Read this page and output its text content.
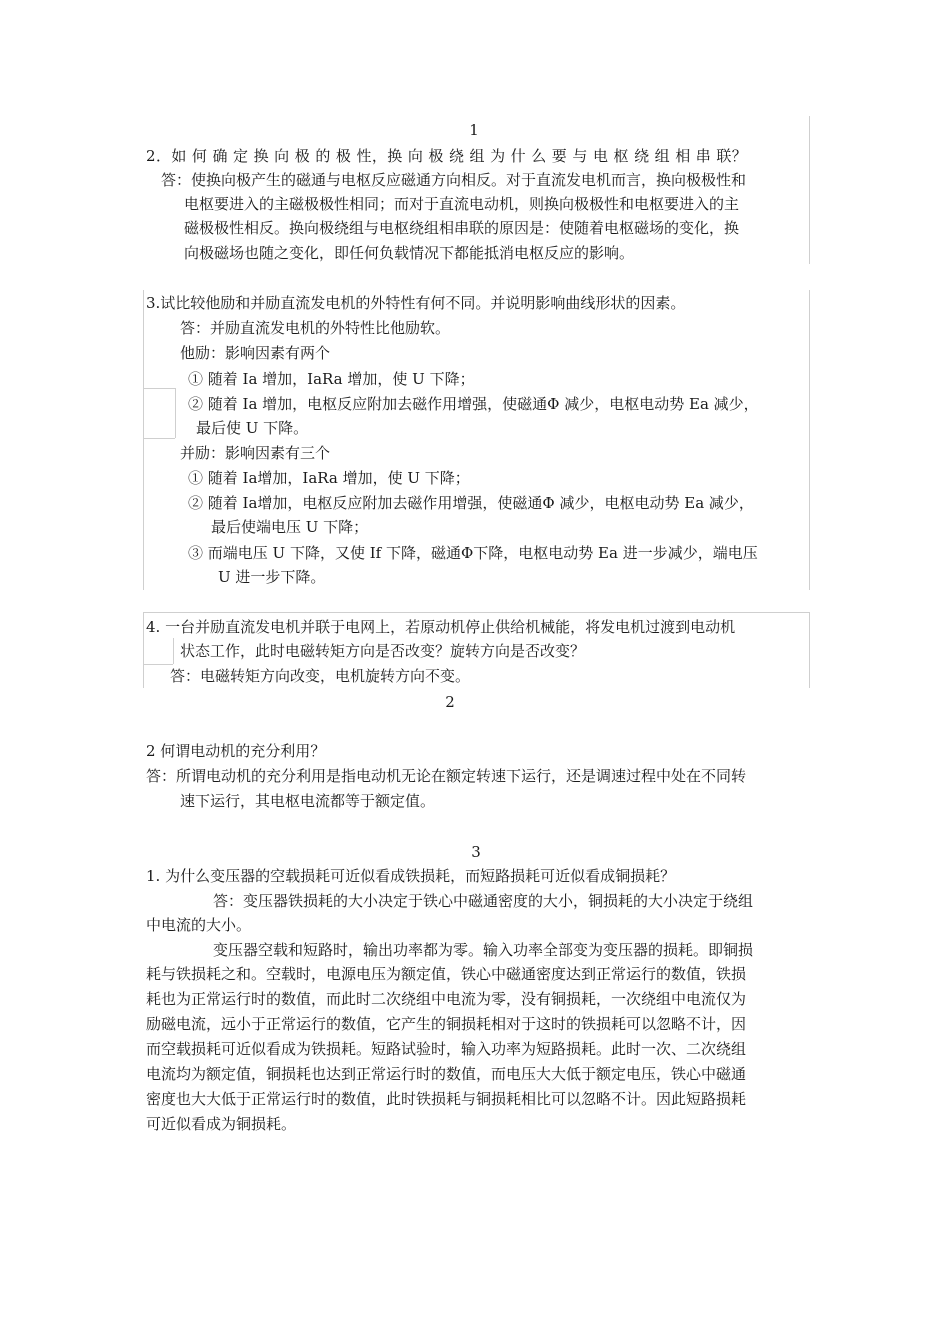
1
2．如 何 确 定 换 向 极 的 极 性，换 向 极 绕 组 为 什 么 要 与 电 枢 绕 组 相 串 联？
答：使换向极产生的磁通与电枢反应磁通方向相反。对于直流发电机而言，换向极极性和
电枢要进入的主磁极极性相同；而对于直流电动机，则换向极极性和电枢要进入的主
磁极极性相反。换向极绕组与电枢绕组相串联的原因是：使随着电枢磁场的变化，换
向极磁场也随之变化，即任何负载情况下都能抵消电枢反应的影响。
3.试比较他励和并励直流发电机的外特性有何不同。并说明影响曲线形状的因素。
答：并励直流发电机的外特性比他励软。
他励：影响因素有两个
① 随着 Ia 增加，IaRa 增加，使 U 下降；
② 随着 Ia 增加，电枢反应附加去磁作用增强，使磁通Φ 减少，电枢电动势 Ea 减少，
最后使 U 下降。
并励：影响因素有三个
① 随着 Ia增加，IaRa 增加，使 U 下降；
② 随着 Ia增加，电枢反应附加去磁作用增强，使磁通Φ 减少，电枢电动势 Ea 减少，
最后使端电压 U 下降；
③ 而端电压 U 下降，又使 If 下降，磁通Φ下降，电枢电动势 Ea 进一步减少，端电压
U 进一步下降。
4. 一台并励直流发电机并联于电网上，若原动机停止供给机械能，将发电机过渡到电动机
状态工作，此时电磁转矩方向是否改变？旋转方向是否改变？
答：电磁转矩方向改变，电机旋转方向不变。
2
2 何谓电动机的充分利用？
答：所谓电动机的充分利用是指电动机无论在额定转速下运行，还是调速过程中处在不同转
速下运行，其电枢电流都等于额定值。
3
1. 为什么变压器的空载损耗可近似看成铁损耗，而短路损耗可近似看成铜损耗？
答：变压器铁损耗的大小决定于铁心中磁通密度的大小，铜损耗的大小决定于绕组
中电流的大小。
变压器空载和短路时，输出功率都为零。输入功率全部变为变压器的损耗。即铜损
耗与铁损耗之和。空载时，电源电压为额定值，铁心中磁通密度达到正常运行的数值，铁损
耗也为正常运行时的数值，而此时二次绕组中电流为零，没有铜损耗，一次绕组中电流仅为
励磁电流，远小于正常运行的数值，它产生的铜损耗相对于这时的铁损耗可以忽略不计，因
而空载损耗可近似看成为铁损耗。短路试验时，输入功率为短路损耗。此时一次、二次绕组
电流均为额定值，铜损耗也达到正常运行时的数值，而电压大大低于额定电压，铁心中磁通
密度也大大低于正常运行时的数值，此时铁损耗与铜损耗相比可以忽略不计。因此短路损耗
可近似看成为铜损耗。
